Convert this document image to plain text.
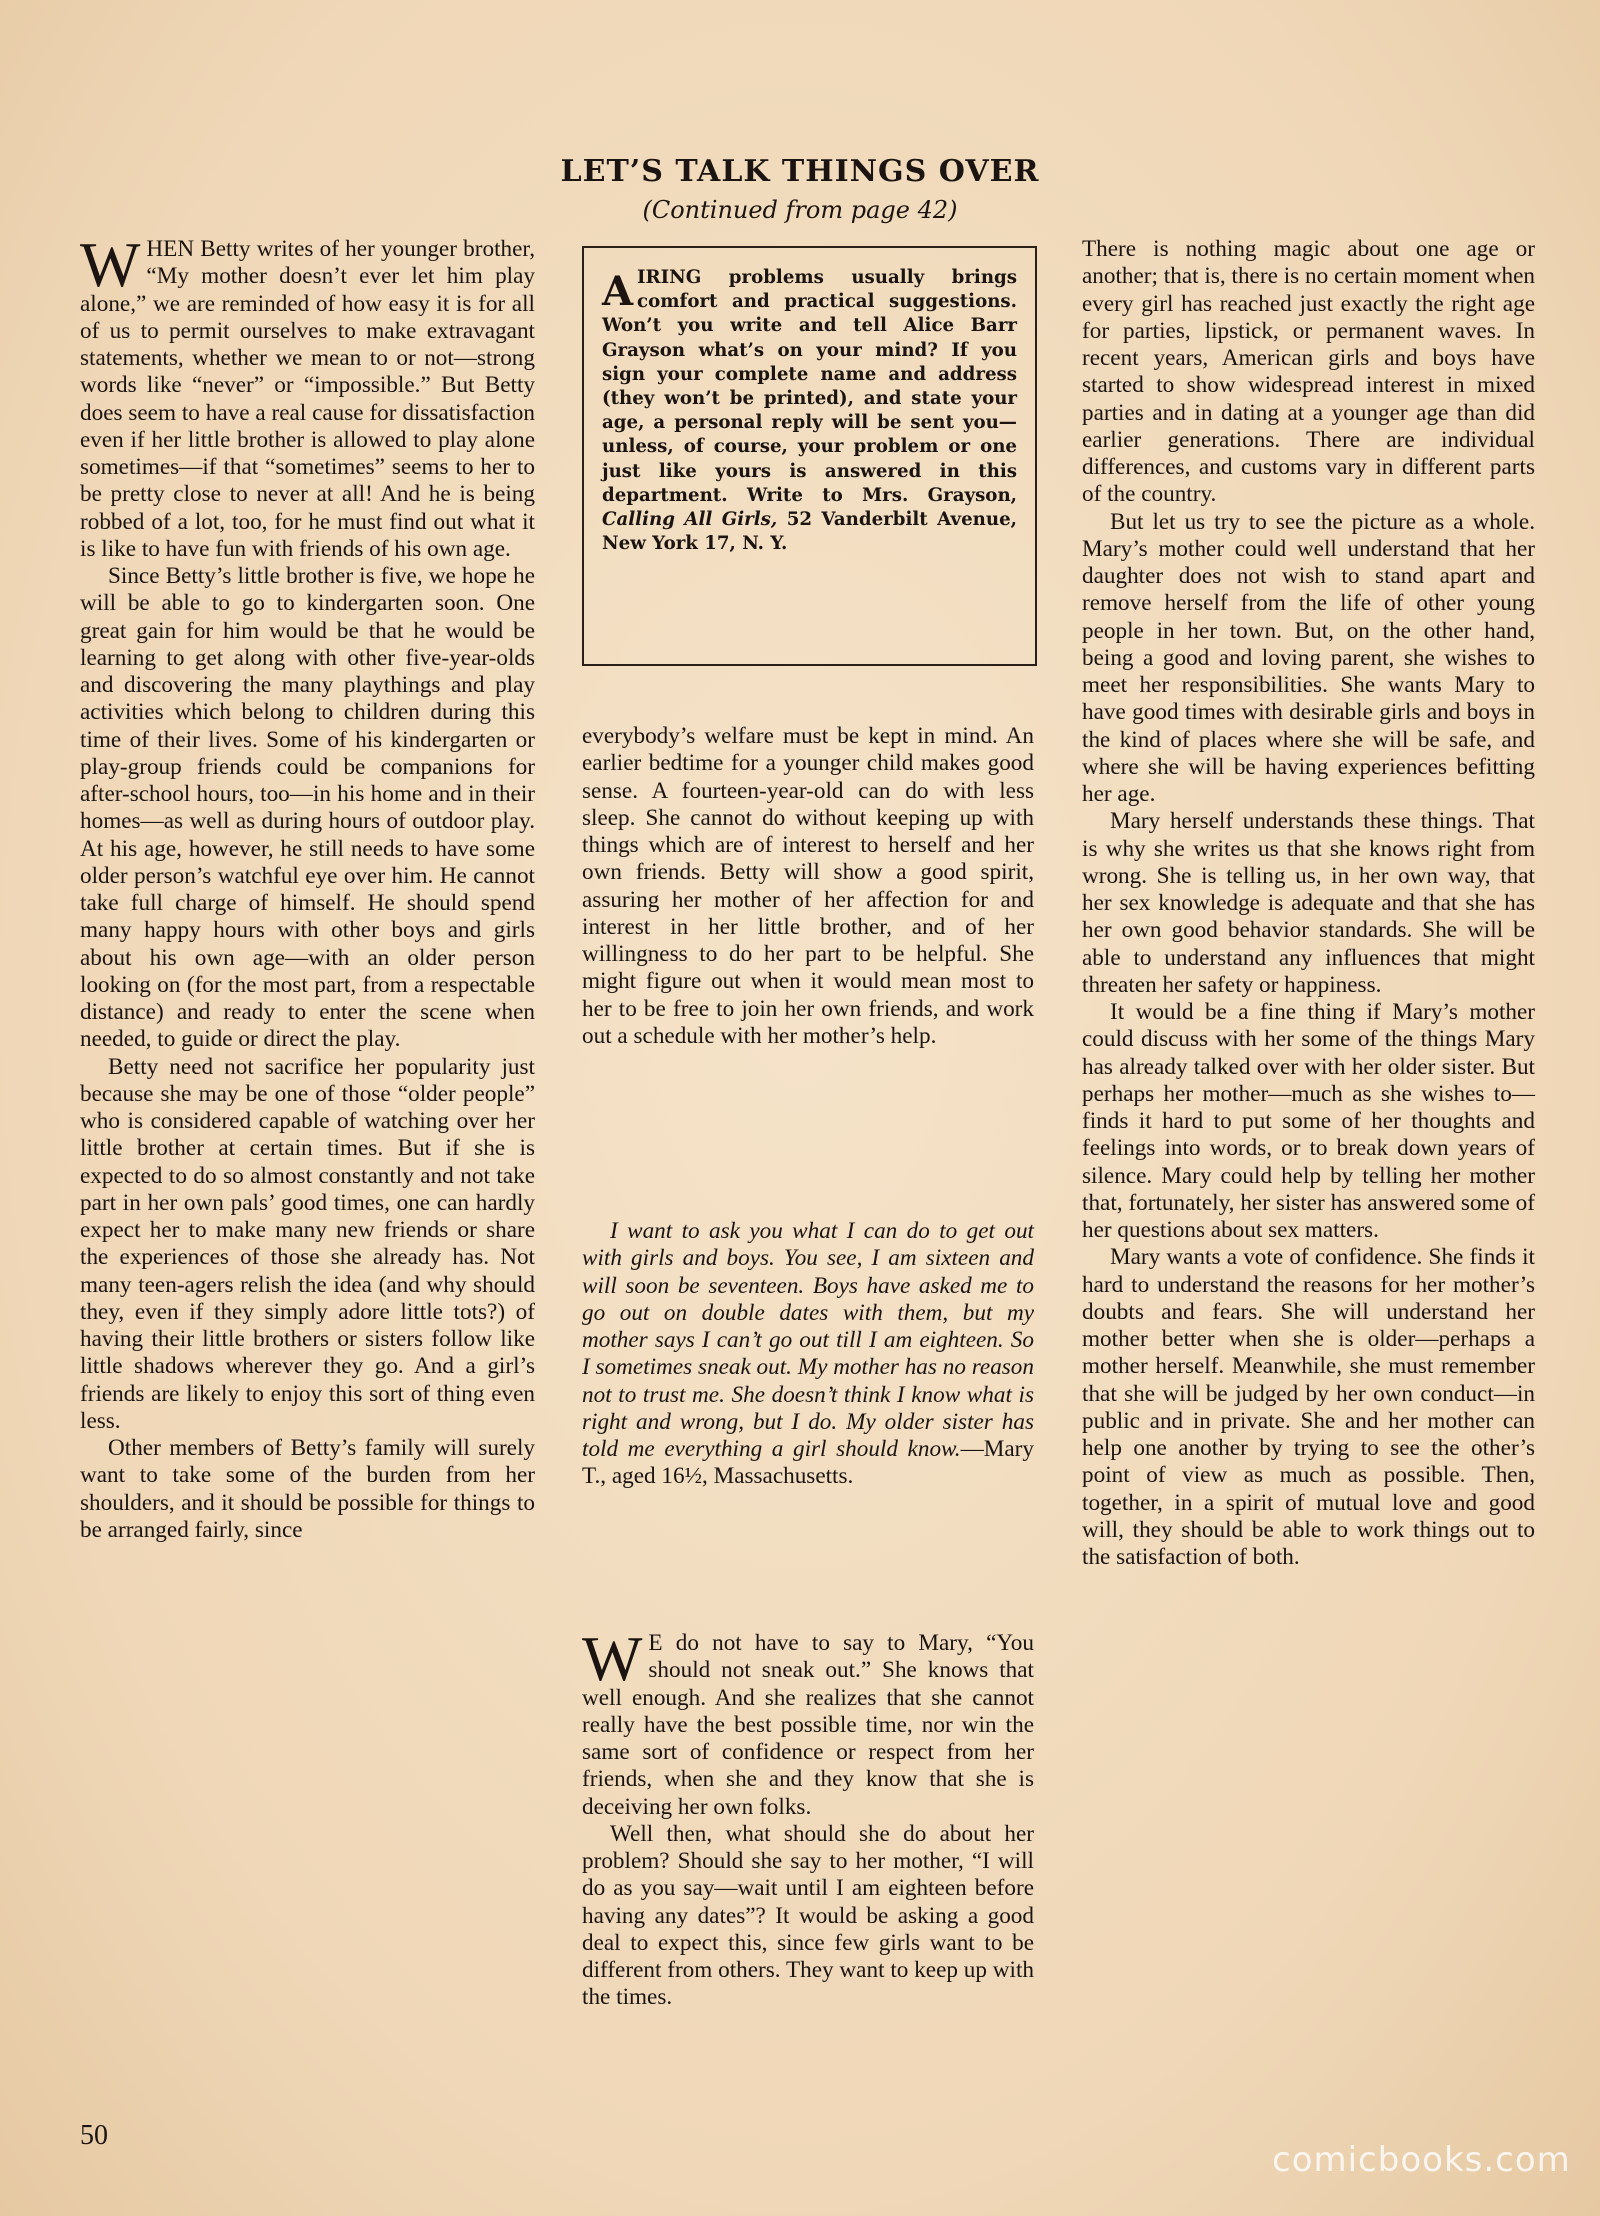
LET’S TALK THINGS OVER
(Continued from page 42)

WHEN Betty writes of her younger brother, “My mother doesn’t ever let him play alone,” we are reminded of how easy it is for all of us to permit ourselves to make extravagant statements, whether we mean to or not—strong words like “never” or “impossible.” But Betty does seem to have a real cause for dissatisfaction even if her little brother is allowed to play alone sometimes—if that “sometimes” seems to her to be pretty close to never at all! And he is being robbed of a lot, too, for he must find out what it is like to have fun with friends of his own age.

Since Betty’s little brother is five, we hope he will be able to go to kindergarten soon. One great gain for him would be that he would be learning to get along with other five-year-olds and discovering the many playthings and play activities which belong to children during this time of their lives. Some of his kindergarten or play-group friends could be companions for after-school hours, too—in his home and in their homes—as well as during hours of outdoor play. At his age, however, he still needs to have some older person’s watchful eye over him. He cannot take full charge of himself. He should spend many happy hours with other boys and girls about his own age—with an older person looking on (for the most part, from a respectable distance) and ready to enter the scene when needed, to guide or direct the play.

Betty need not sacrifice her popularity just because she may be one of those “older people” who is considered capable of watching over her little brother at certain times. But if she is expected to do so almost constantly and not take part in her own pals’ good times, one can hardly expect her to make many new friends or share the experiences of those she already has. Not many teen-agers relish the idea (and why should they, even if they simply adore little tots?) of having their little brothers or sisters follow like little shadows wherever they go. And a girl’s friends are likely to enjoy this sort of thing even less.

Other members of Betty’s family will surely want to take some of the burden from her shoulders, and it should be possible for things to be arranged fairly, since

AIRING problems usually brings comfort and practical suggestions. Won’t you write and tell Alice Barr Grayson what’s on your mind? If you sign your complete name and address (they won’t be printed), and state your age, a personal reply will be sent you—unless, of course, your problem or one just like yours is answered in this department. Write to Mrs. Grayson, Calling All Girls, 52 Vanderbilt Avenue, New York 17, N. Y.

everybody’s welfare must be kept in mind. An earlier bedtime for a younger child makes good sense. A fourteen-year-old can do with less sleep. She cannot do without keeping up with things which are of interest to herself and her own friends. Betty will show a good spirit, assuring her mother of her affection for and interest in her little brother, and of her willingness to do her part to be helpful. She might figure out when it would mean most to her to be free to join her own friends, and work out a schedule with her mother’s help.

I want to ask you what I can do to get out with girls and boys. You see, I am sixteen and will soon be seventeen. Boys have asked me to go out on double dates with them, but my mother says I can’t go out till I am eighteen. So I sometimes sneak out. My mother has no reason not to trust me. She doesn’t think I know what is right and wrong, but I do. My older sister has told me everything a girl should know.—Mary T., aged 16½, Massachusetts.

W E do not have to say to Mary, “You should not sneak out.” She knows that well enough. And she realizes that she cannot really have the best possible time, nor win the same sort of confidence or respect from her friends, when she and they know that she is deceiving her own folks.

Well then, what should she do about her problem? Should she say to her mother, “I will do as you say—wait until I am eighteen before having any dates”? It would be asking a good deal to expect this, since few girls want to be different from others. They want to keep up with the times.

There is nothing magic about one age or another; that is, there is no certain moment when every girl has reached just exactly the right age for parties, lipstick, or permanent waves. In recent years, American girls and boys have started to show widespread interest in mixed parties and in dating at a younger age than did earlier generations. There are individual differences, and customs vary in different parts of the country.

But let us try to see the picture as a whole. Mary’s mother could well understand that her daughter does not wish to stand apart and remove herself from the life of other young people in her town. But, on the other hand, being a good and loving parent, she wishes to meet her responsibilities. She wants Mary to have good times with desirable girls and boys in the kind of places where she will be safe, and where she will be having experiences befitting her age.

Mary herself understands these things. That is why she writes us that she knows right from wrong. She is telling us, in her own way, that her sex knowledge is adequate and that she has her own good behavior standards. She will be able to understand any influences that might threaten her safety or happiness.

It would be a fine thing if Mary’s mother could discuss with her some of the things Mary has already talked over with her older sister. But perhaps her mother—much as she wishes to—finds it hard to put some of her thoughts and feelings into words, or to break down years of silence. Mary could help by telling her mother that, fortunately, her sister has answered some of her questions about sex matters.

Mary wants a vote of confidence. She finds it hard to understand the reasons for her mother’s doubts and fears. She will understand her mother better when she is older—perhaps a mother herself. Meanwhile, she must remember that she will be judged by her own conduct—in public and in private. She and her mother can help one another by trying to see the other’s point of view as much as possible. Then, together, in a spirit of mutual love and good will, they should be able to work things out to the satisfaction of both.

50
comicbooks.com
